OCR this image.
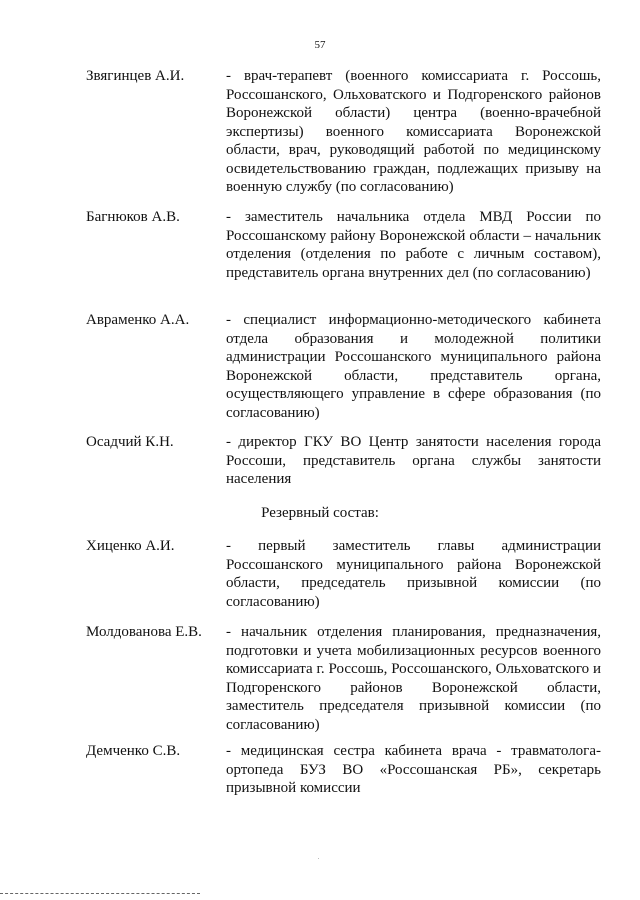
57
Звягинцев А.И.	- врач-терапевт (военного комиссариата г. Россошь, Россошанского, Ольховатского и Подгоренского районов Воронежской области) центра (военно-врачебной экспертизы) военного комиссариата Воронежской области, врач, руководящий работой по медицинскому освидетельствованию граждан, подлежащих призыву на военную службу (по согласованию)
Багнюков А.В.	- заместитель начальника отдела МВД России по Россошанскому району Воронежской области – начальник отделения (отделения по работе с личным составом), представитель органа внутренних дел (по согласованию)
Авраменко А.А.	- специалист информационно-методического кабинета отдела образования и молодежной политики администрации Россошанского муниципального района Воронежской области, представитель органа, осуществляющего управление в сфере образования (по согласованию)
Осадчий К.Н.	- директор ГКУ ВО Центр занятости населения города Россоши, представитель органа службы занятости населения
Резервный состав:
Хиценко А.И.	- первый заместитель главы администрации Россошанского муниципального района Воронежской области, председатель призывной комиссии (по согласованию)
Молдованова Е.В.	- начальник отделения планирования, предназначения, подготовки и учета мобилизационных ресурсов военного комиссариата г. Россошь, Россошанского, Ольховатского и Подгоренского районов Воронежской области, заместитель председателя призывной комиссии (по согласованию)
Демченко С.В.	- медицинская сестра кабинета врача - травматолога-ортопеда БУЗ ВО «Россошанская РБ», секретарь призывной комиссии
